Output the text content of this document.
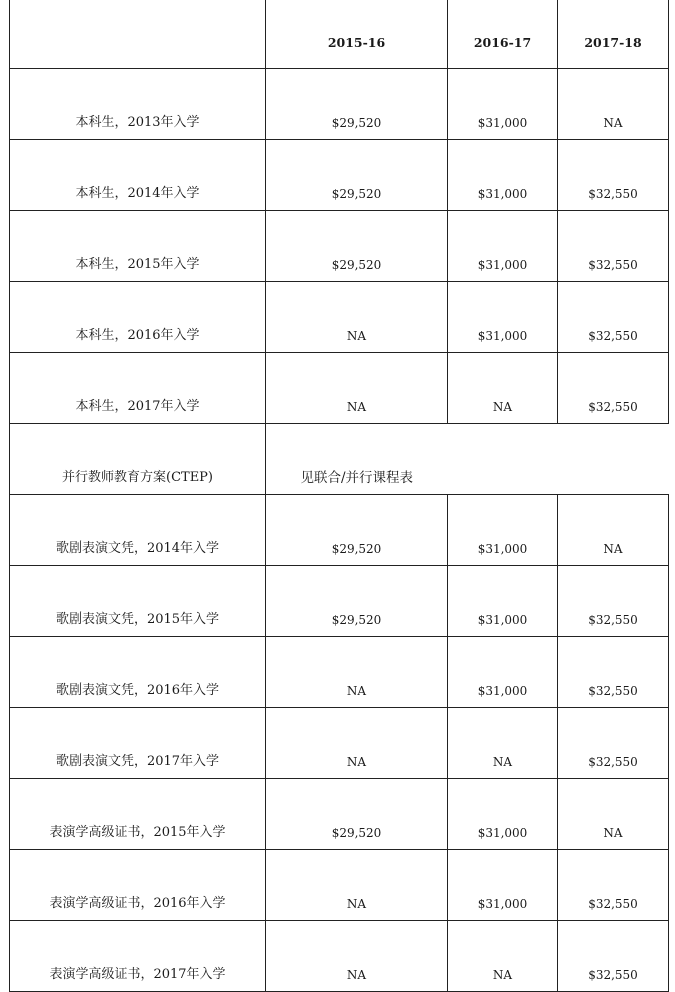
	2015-16	2016-17	2017-18
本科生，2013年入学	$29,520	$31,000	NA
本科生，2014年入学	$29,520	$31,000	$32,550
本科生，2015年入学	$29,520	$31,000	$32,550
本科生，2016年入学	NA	$31,000	$32,550
本科生，2017年入学	NA	NA	$32,550
并行教师教育方案(CTEP)	见联合/并行课程表		
歌剧表演文凭，2014年入学	$29,520	$31,000	NA
歌剧表演文凭，2015年入学	$29,520	$31,000	$32,550
歌剧表演文凭，2016年入学	NA	$31,000	$32,550
歌剧表演文凭，2017年入学	NA	NA	$32,550
表演学高级证书，2015年入学	$29,520	$31,000	NA
表演学高级证书，2016年入学	NA	$31,000	$32,550
表演学高级证书，2017年入学	NA	NA	$32,550
